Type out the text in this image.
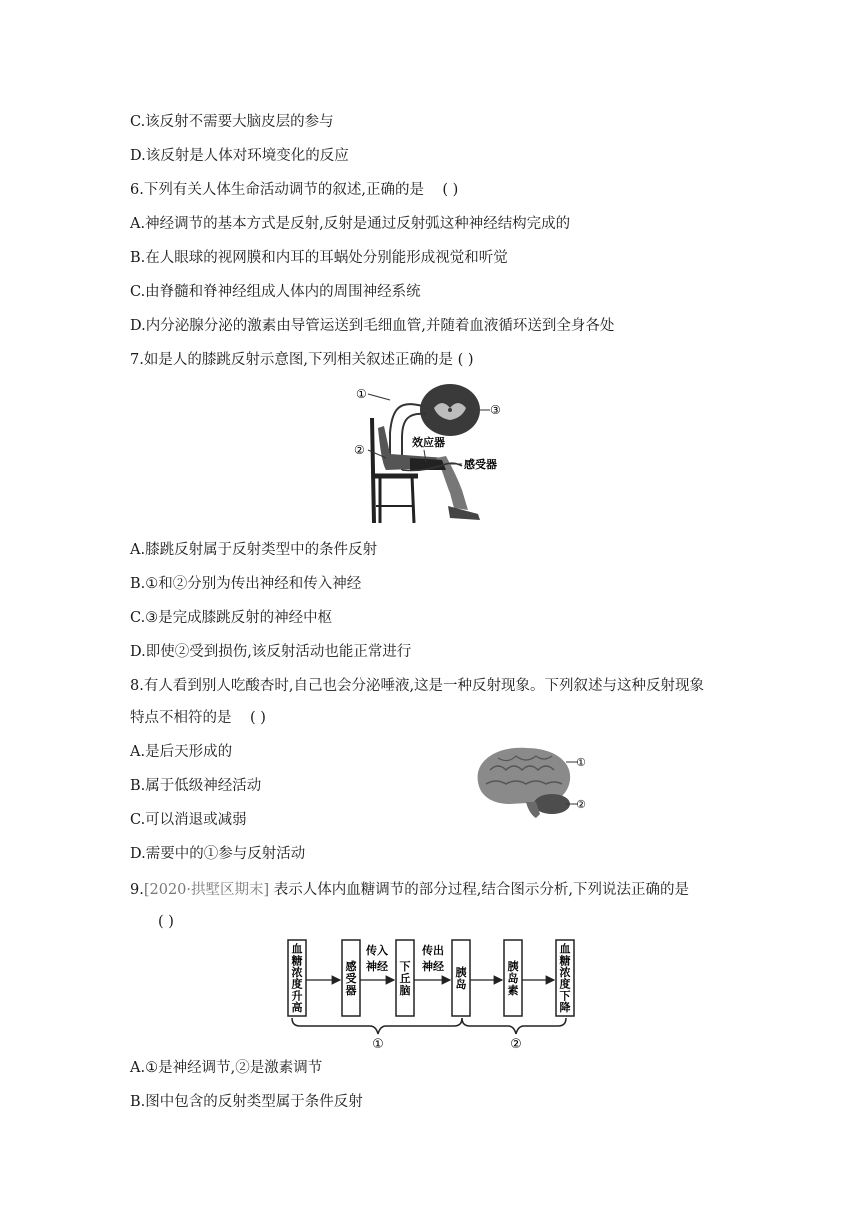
C.该反射不需要大脑皮层的参与
D.该反射是人体对环境变化的反应
6.下列有关人体生命活动调节的叙述,正确的是 ( )
A.神经调节的基本方式是反射,反射是通过反射弧这种神经结构完成的
B.在人眼球的视网膜和内耳的耳蜗处分别能形成视觉和听觉
C.由脊髓和脊神经组成人体内的周围神经系统
D.内分泌腺分泌的激素由导管运送到毛细血管,并随着血液循环送到全身各处
7.如是人的膝跳反射示意图,下列相关叙述正确的是 ( )
①
③
②
效应器
感受器
A.膝跳反射属于反射类型中的条件反射
B.①和②分别为传出神经和传入神经
C.③是完成膝跳反射的神经中枢
D.即使②受到损伤,该反射活动也能正常进行
8.有人看到别人吃酸杏时,自己也会分泌唾液,这是一种反射现象。下列叙述与这种反射现象
特点不相符的是 ( )
A.是后天形成的
B.属于低级神经活动
C.可以消退或减弱
D.需要中的①参与反射活动
①
②
9.[2020·拱墅区期末] 表示人体内血糖调节的部分过程,结合图示分析,下列说法正确的是
( )
血
糖
浓
度
升
高
感
受
器
下
丘
脑
胰
岛
胰
岛
素
血
糖
浓
度
下
降
传入
神经
传出
神经
①	②
A.①是神经调节,②是激素调节
B.图中包含的反射类型属于条件反射
